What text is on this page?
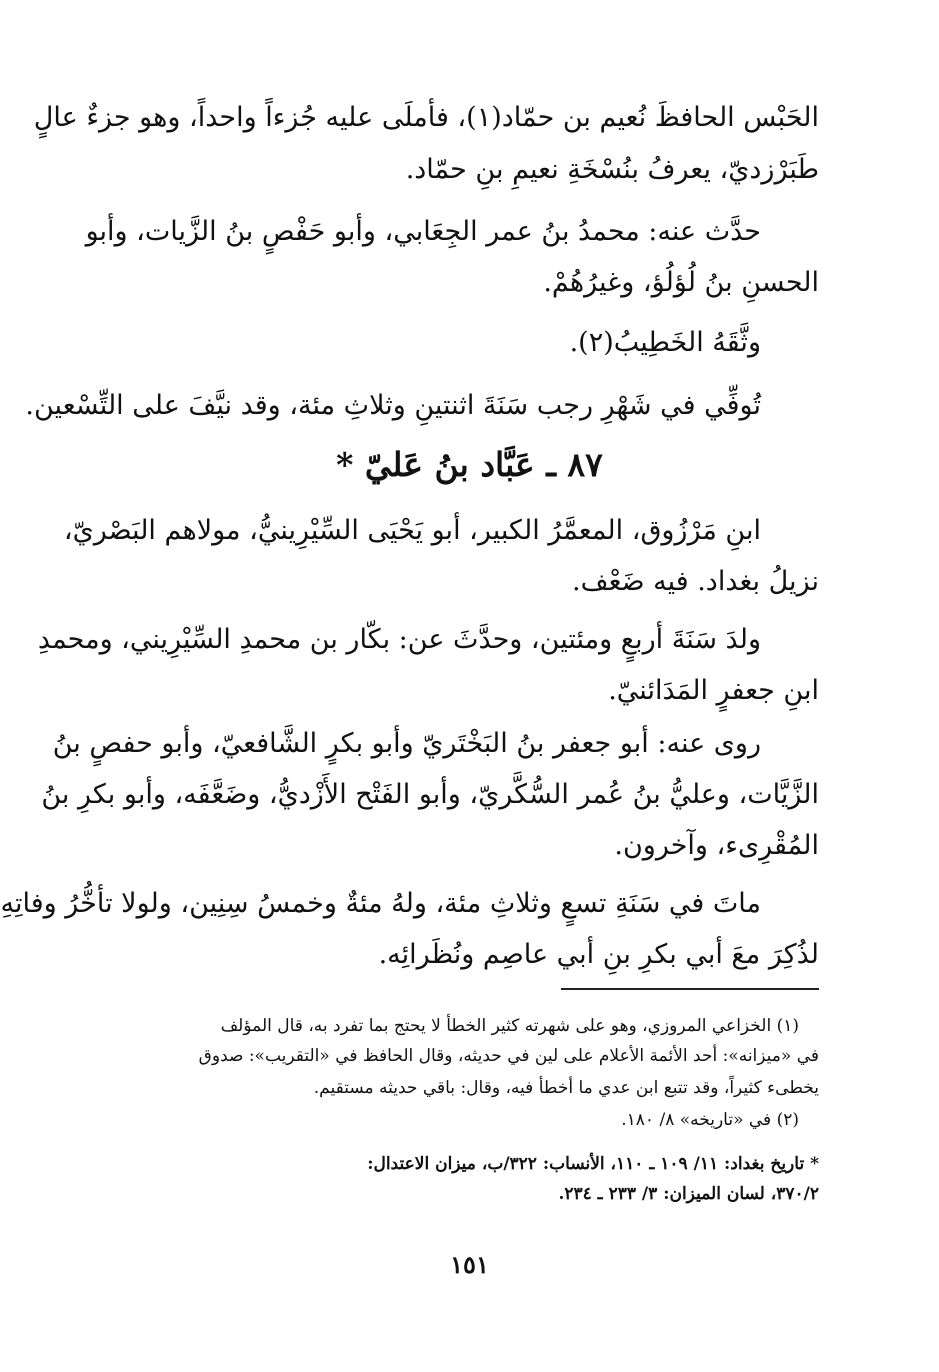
الحَبْس الحافظَ نُعيم بن حمّاد(١)، فأملَى عليه جُزءاً واحداً، وهو جزءٌ عالٍ
طَبَرْزديّ، يعرفُ بنُسْخَةِ نعيمِ بنِ حمّاد.
حدَّث عنه: محمدُ بنُ عمر الجِعَابي، وأبو حَفْصٍ بنُ الزَّيات، وأبو
الحسنِ بنُ لُؤلُؤ، وغيرُهُمْ.
وثَّقَهُ الخَطِيبُ(٢).
تُوفِّي في شَهْرِ رجب سَنَةَ اثنتينِ وثلاثِ مئة، وقد نيَّفَ على التِّسْعين.
٨٧ ـ عَبَّاد بنُ عَليّ *
ابنِ مَرْزُوق، المعمَّرُ الكبير، أبو يَحْيَى السِّيْرِينيُّ، مولاهم البَصْريّ،
نزيلُ بغداد. فيه ضَعْف.
ولدَ سَنَةَ أربعٍ ومئتين، وحدَّثَ عن: بكّار بن محمدِ السِّيْرِيني، ومحمدِ
ابنِ جعفرٍ المَدَائنيّ.
روى عنه: أبو جعفر بنُ البَخْتَريّ وأبو بكرٍ الشَّافعيّ، وأبو حفصٍ بنُ
الزَّيَّات، وعليُّ بنُ عُمر السُّكَّريّ، وأبو الفَتْح الأَزْديُّ، وضَعَّفَه، وأبو بكرِ بنُ
المُقْرِىء، وآخرون.
ماتَ في سَنَةِ تسعٍ وثلاثِ مئة، ولهُ مئةٌ وخمسُ سِنِين، ولولا تأخُّرُ وفاتِهِ
لذُكِرَ معَ أبي بكرِ بنِ أبي عاصِم ونُظَرائِه.
(١) الخزاعي المروزي، وهو على شهرته كثير الخطأ لا يحتج بما تفرد به، قال المؤلف
في «ميزانه»: أحد الأئمة الأعلام على لين في حديثه، وقال الحافظ في «التقريب»: صدوق
يخطىء كثيراً، وقد تتبع ابن عدي ما أخطأ فيه، وقال: باقي حديثه مستقيم.
(٢) في «تاريخه» ٨/ ١٨٠.
* تاريخ بغداد: ١١/ ١٠٩ ـ ١١٠، الأنساب: ٣٢٢/ب، ميزان الاعتدال:
٣٧٠/٢، لسان الميزان: ٣/ ٢٣٣ ـ ٢٣٤.
١٥١
